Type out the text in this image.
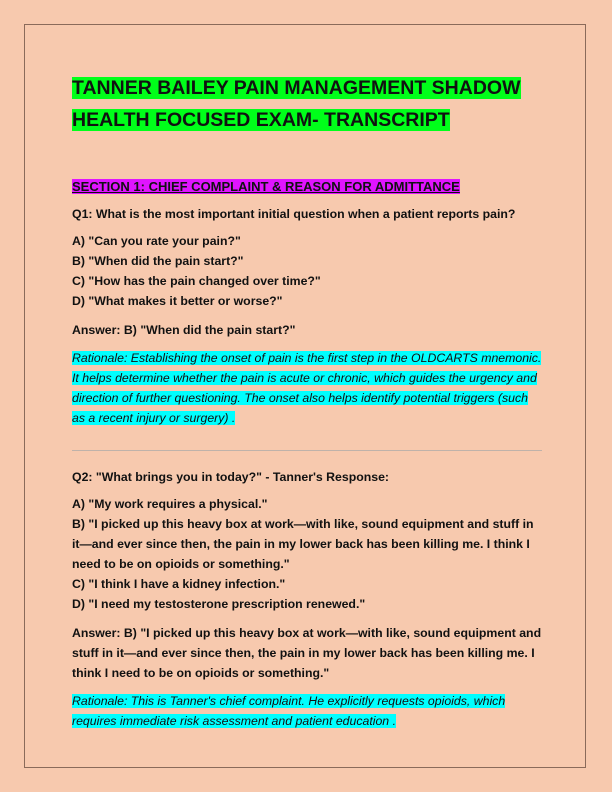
TANNER BAILEY PAIN MANAGEMENT SHADOW
HEALTH FOCUSED EXAM- TRANSCRIPT
SECTION 1: CHIEF COMPLAINT & REASON FOR ADMITTANCE

Q1: What is the most important initial question when a patient reports pain?

A) "Can you rate your pain?"
B) "When did the pain start?"
C) "How has the pain changed over time?"
D) "What makes it better or worse?"
Answer: B) "When did the pain start?"
Rationale: Establishing the onset of pain is the first step in the OLDCARTS mnemonic. It helps determine whether the pain is acute or chronic, which guides the urgency and direction of further questioning. The onset also helps identify potential triggers (such as a recent injury or surgery) .

Q2: "What brings you in today?" - Tanner's Response:

A) "My work requires a physical."
B) "I picked up this heavy box at work—with like, sound equipment and stuff in it—and ever since then, the pain in my lower back has been killing me. I think I need to be on opioids or something."
C) "I think I have a kidney infection."
D) "I need my testosterone prescription renewed."
Answer: B) "I picked up this heavy box at work—with like, sound equipment and stuff in it—and ever since then, the pain in my lower back has been killing me. I think I need to be on opioids or something."
Rationale: This is Tanner's chief complaint. He explicitly requests opioids, which requires immediate risk assessment and patient education .
